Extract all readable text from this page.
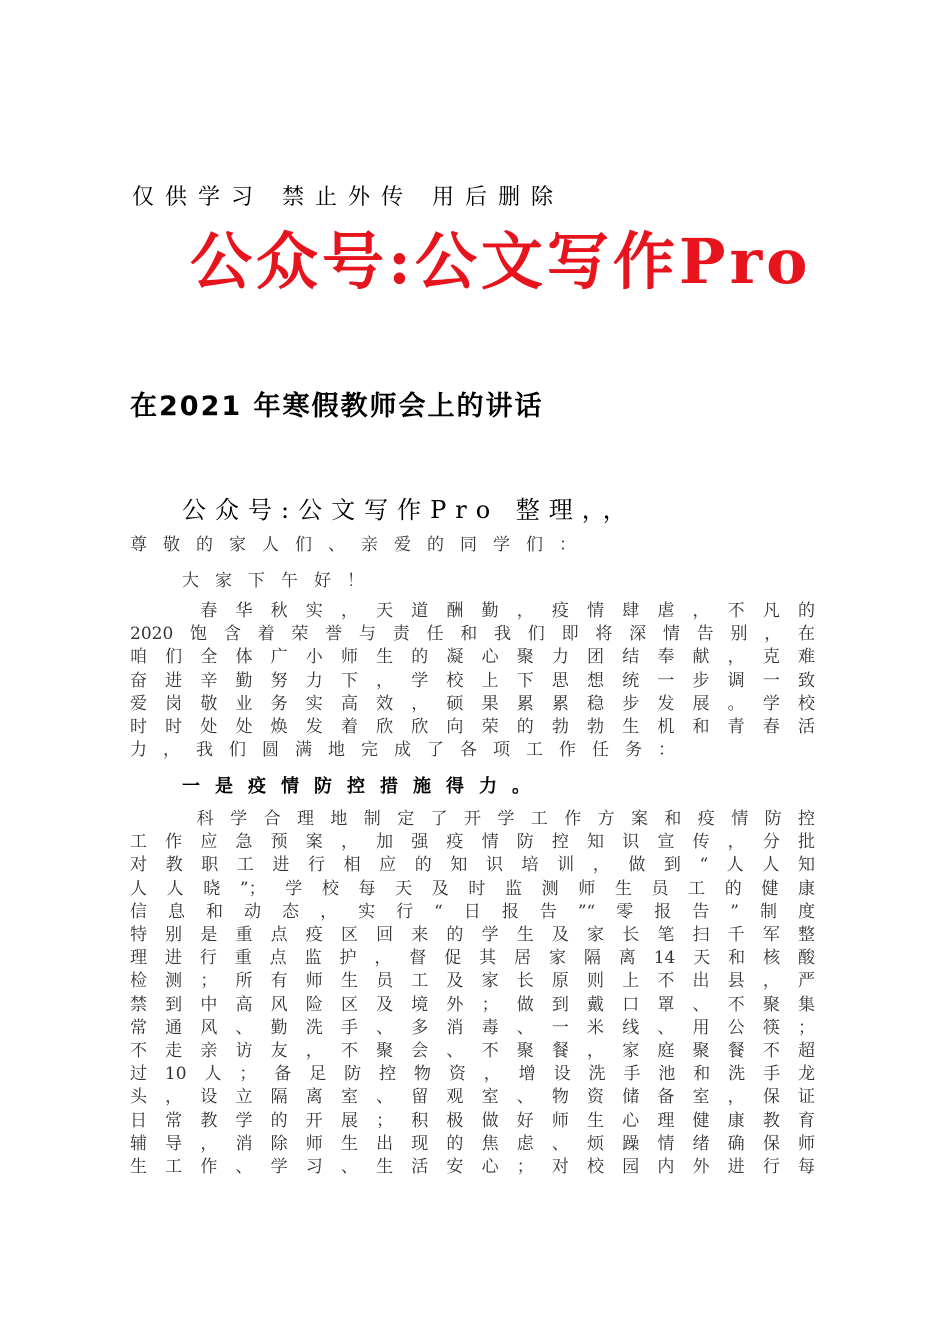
仅供学习 禁止外传 用后删除
公众号:公文写作Pro
在2021 年寒假教师会上的讲话
公众号:公文写作Pro 整理，，
尊敬的家人们、亲爱的同学们：
大家下午好！
　　春华秋实，天道酬勤，疫情肆虐，不凡的
2020饱含着荣誉与责任和我们即将深情告别，在
咱们全体广小师生的凝心聚力团结奉献，克难
奋进辛勤努力下，学校上下思想统一步调一致
爱岗敬业务实高效，硕果累累稳步发展。学校
时时处处焕发着欣欣向荣的勃勃生机和青春活
力，我们圆满地完成了各项工作任务：
一是疫情防控措施得力。
　　科学合理地制定了开学工作方案和疫情防控
工作应急预案，加强疫情防控知识宣传，分批
对教职工进行相应的知识培训，做到“人人知
人人晓”；学校每天及时监测师生员工的健康
信息和动态，实行“日报告”“零报告”制度
特别是重点疫区回来的学生及家长笔扫千军整
理进行重点监护，督促其居家隔离14天和核酸
检测；所有师生员工及家长原则上不出县，严
禁到中高风险区及境外；做到戴口罩、不聚集
常通风、勤洗手、多消毒、一米线、用公筷；
不走亲访友，不聚会、不聚餐，家庭聚餐不超
过10人；备足防控物资，增设洗手池和洗手龙
头，设立隔离室、留观室、物资储备室，保证
日常教学的开展；积极做好师生心理健康教育
辅导，消除师生出现的焦虑、烦躁情绪确保师
生工作、学习、生活安心；对校园内外进行每
